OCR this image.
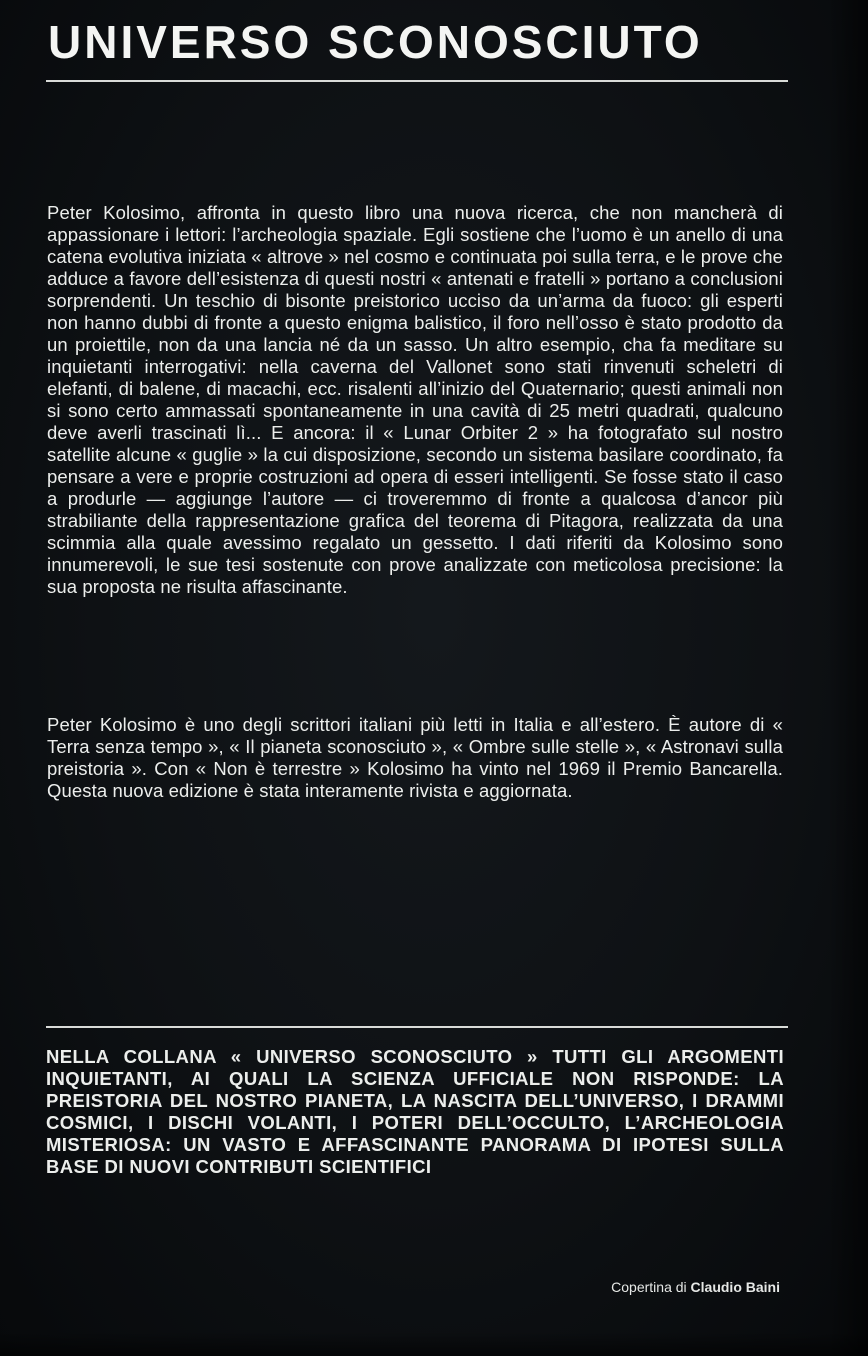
UNIVERSO SCONOSCIUTO

Peter Kolosimo, affronta in questo libro una nuova ricerca, che non mancherà di appassionare i lettori: l’archeologia spaziale. Egli sostiene che l’uomo è un anello di una catena evolutiva iniziata « altrove » nel cosmo e continuata poi sulla terra, e le prove che adduce a favore dell’esistenza di questi nostri « antenati e fratelli » portano a conclusioni sorprendenti. Un teschio di bisonte preistorico ucciso da un’arma da fuoco: gli esperti non hanno dubbi di fronte a questo enigma balistico, il foro nell’osso è stato prodotto da un proiettile, non da una lancia né da un sasso. Un altro esempio, cha fa meditare su inquietanti interrogativi: nella caverna del Vallonet sono stati rinvenuti scheletri di elefanti, di balene, di macachi, ecc. risalenti all’inizio del Quaternario; questi animali non si sono certo ammassati spontaneamente in una cavità di 25 metri quadrati, qualcuno deve averli trascinati lì... E ancora: il « Lunar Orbiter 2 » ha fotografato sul nostro satellite alcune « guglie » la cui disposizione, secondo un sistema basilare coordinato, fa pensare a vere e proprie costruzioni ad opera di esseri intelligenti. Se fosse stato il caso a produrle — aggiunge l’autore — ci troveremmo di fronte a qualcosa d’ancor più strabiliante della rappresentazione grafica del teorema di Pitagora, realizzata da una scimmia alla quale avessimo regalato un gessetto. I dati riferiti da Kolosimo sono innumerevoli, le sue tesi sostenute con prove analizzate con meticolosa precisione: la sua proposta ne risulta affascinante.

Peter Kolosimo è uno degli scrittori italiani più letti in Italia e all’estero. È autore di « Terra senza tempo », « Il pianeta sconosciuto », « Ombre sulle stelle », « Astronavi sulla preistoria ». Con « Non è terrestre » Kolosimo ha vinto nel 1969 il Premio Bancarella. Questa nuova edizione è stata interamente rivista e aggiornata.

NELLA COLLANA « UNIVERSO SCONOSCIUTO » TUTTI GLI ARGOMENTI INQUIETANTI, AI QUALI LA SCIENZA UFFICIALE NON RISPONDE: LA PREISTORIA DEL NOSTRO PIANETA, LA NASCITA DELL’UNIVERSO, I DRAMMI COSMICI, I DISCHI VOLANTI, I POTERI DELL’OCCULTO, L’ARCHEOLOGIA MISTERIOSA: UN VASTO E AFFASCINANTE PANORAMA DI IPOTESI SULLA BASE DI NUOVI CONTRIBUTI SCIENTIFICI

Copertina di Claudio Baini
